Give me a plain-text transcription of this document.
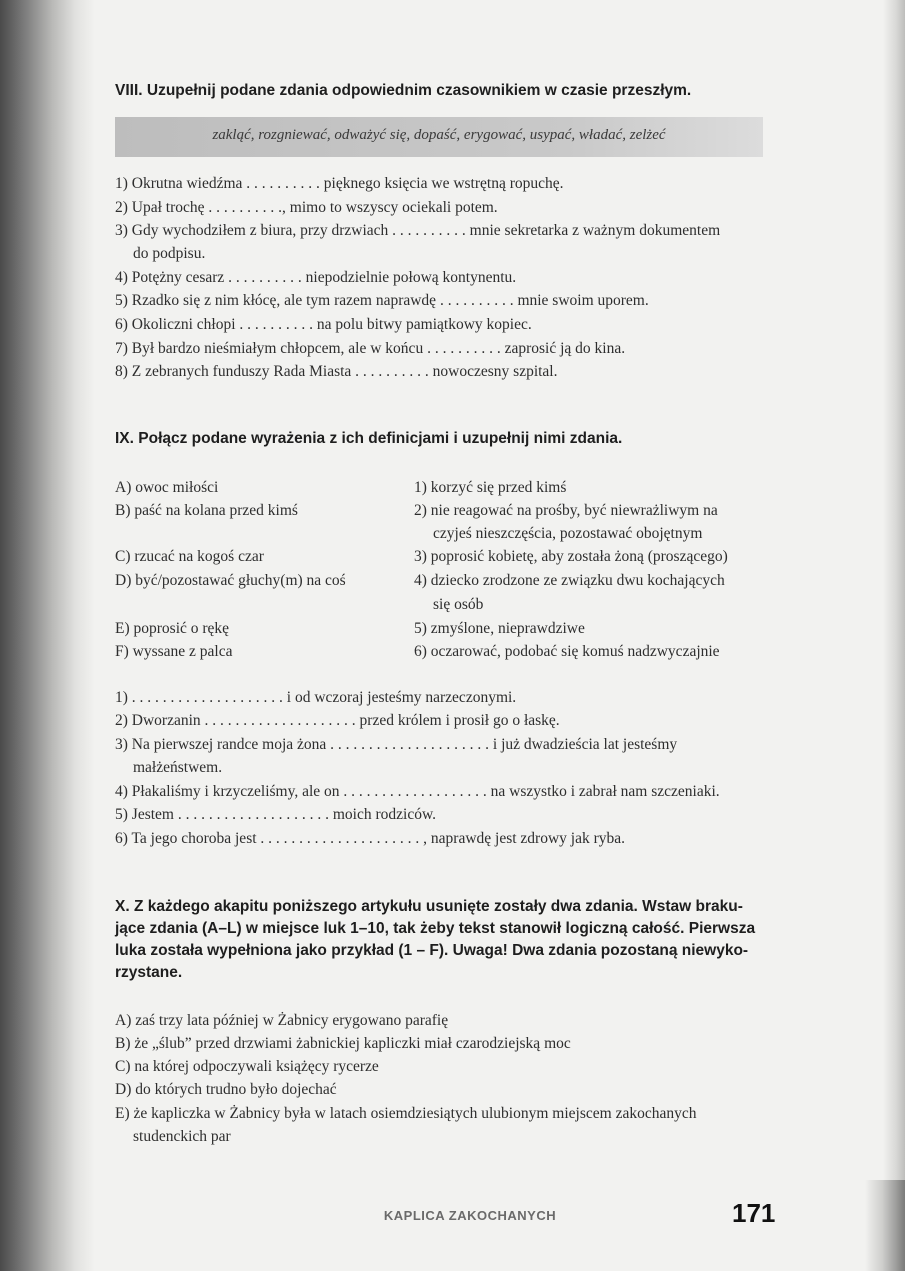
VIII. Uzupełnij podane zdania odpowiednim czasownikiem w czasie przeszłym.
zakląć, rozgniewać, odważyć się, dopaść, erygować, usypać, władać, zelżeć
1) Okrutna wiedźma . . . . . . . . . . pięknego księcia we wstrętną ropuchę.
2) Upał trochę . . . . . . . . . ., mimo to wszyscy ociekali potem.
3) Gdy wychodziłem z biura, przy drzwiach . . . . . . . . . . mnie sekretarka z ważnym dokumentem
do podpisu.
4) Potężny cesarz . . . . . . . . . . niepodzielnie połową kontynentu.
5) Rzadko się z nim kłócę, ale tym razem naprawdę . . . . . . . . . . mnie swoim uporem.
6) Okoliczni chłopi . . . . . . . . . . na polu bitwy pamiątkowy kopiec.
7) Był bardzo nieśmiałym chłopcem, ale w końcu . . . . . . . . . . zaprosić ją do kina.
8) Z zebranych funduszy Rada Miasta . . . . . . . . . . nowoczesny szpital.
IX. Połącz podane wyrażenia z ich definicjami i uzupełnij nimi zdania.
A) owoc miłości
B) paść na kolana przed kimś
C) rzucać na kogoś czar
D) być/pozostawać głuchy(m) na coś
E) poprosić o rękę
F) wyssane z palca
1) korzyć się przed kimś
2) nie reagować na prośby, być niewrażliwym na
czyjeś nieszczęścia, pozostawać obojętnym
3) poprosić kobietę, aby została żoną (proszącego)
4) dziecko zrodzone ze związku dwu kochających
się osób
5) zmyślone, nieprawdziwe
6) oczarować, podobać się komuś nadzwyczajnie
1) . . . . . . . . . . . . . . . . . . . . i od wczoraj jesteśmy narzeczonymi.
2) Dworzanin . . . . . . . . . . . . . . . . . . . . przed królem i prosił go o łaskę.
3) Na pierwszej randce moja żona . . . . . . . . . . . . . . . . . . . . . i już dwadzieścia lat jesteśmy
małżeństwem.
4) Płakaliśmy i krzyczeliśmy, ale on . . . . . . . . . . . . . . . . . . . na wszystko i zabrał nam szczeniaki.
5) Jestem . . . . . . . . . . . . . . . . . . . . moich rodziców.
6) Ta jego choroba jest . . . . . . . . . . . . . . . . . . . . . , naprawdę jest zdrowy jak ryba.
X. Z każdego akapitu poniższego artykułu usunięte zostały dwa zdania. Wstaw braku-
jące zdania (A–L) w miejsce luk 1–10, tak żeby tekst stanowił logiczną całość. Pierwsza
luka została wypełniona jako przykład (1 – F). Uwaga! Dwa zdania pozostaną niewyko-
rzystane.
A) zaś trzy lata później w Żabnicy erygowano parafię
B) że „ślub” przed drzwiami żabnickiej kapliczki miał czarodziejską moc
C) na której odpoczywali książęcy rycerze
D) do których trudno było dojechać
E) że kapliczka w Żabnicy była w latach osiemdziesiątych ulubionym miejscem zakochanych
studenckich par
KAPLICA ZAKOCHANYCH	171
